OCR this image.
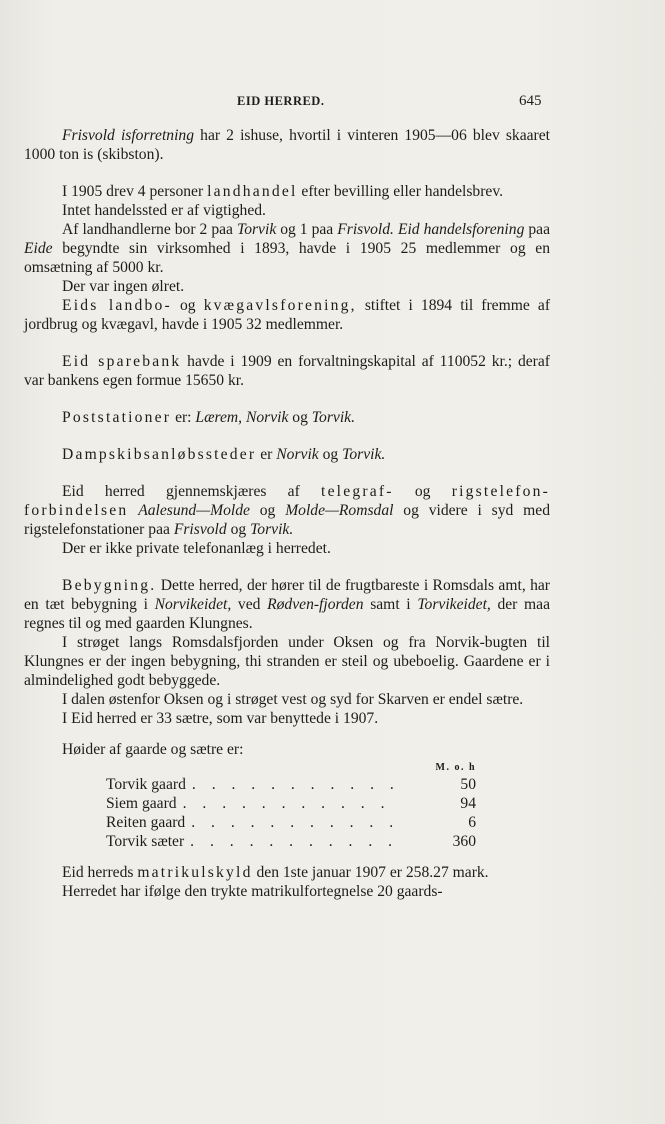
EID HERRED.	645

Frisvold isforretning har 2 ishuse, hvortil i vinteren 1905—06 blev skaaret 1000 ton is (skibston).

I 1905 drev 4 personer landhandel efter bevilling eller handelsbrev.

Intet handelssted er af vigtighed.

Af landhandlerne bor 2 paa Torvik og 1 paa Frisvold. Eid handelsforening paa Eide begyndte sin virksomhed i 1893, havde i 1905 25 medlemmer og en omsætning af 5000 kr.

Der var ingen ølret.

Eids landbo- og kvægavlsforening, stiftet i 1894 til fremme af jordbrug og kvægavl, havde i 1905 32 medlemmer.

Eid sparebank havde i 1909 en forvaltningskapital af 110052 kr.; deraf var bankens egen formue 15650 kr.

Poststationer er: Lærem, Norvik og Torvik.

Dampskibsanløbssteder er Norvik og Torvik.

Eid herred gjennemskjæres af telegraf- og rigstelefon-forbindelsen Aalesund—Molde og Molde—Romsdal og videre i syd med rigstelefonstationer paa Frisvold og Torvik.

Der er ikke private telefonanlæg i herredet.

Bebygning. Dette herred, der hører til de frugtbareste i Romsdals amt, har en tæt bebygning i Norvikeidet, ved Rødven-fjorden samt i Torvikeidet, der maa regnes til og med gaarden Klungnes.

I strøget langs Romsdalsfjorden under Oksen og fra Norvik-bugten til Klungnes er der ingen bebygning, thi stranden er steil og ubeboelig. Gaardene er i almindelighed godt bebyggede.

I dalen østenfor Oksen og i strøget vest og syd for Skarven er endel sætre.

I Eid herred er 33 sætre, som var benyttede i 1907.

Høider af gaarde og sætre er:

M. o. h
Torvik gaard . . . . . . . . . . .	50
Siem gaard . . . . . . . . . . .	94
Reiten gaard . . . . . . . . . . .	6
Torvik sæter . . . . . . . . . . .	360

Eid herreds matrikulskyld den 1ste januar 1907 er 258.27 mark.

Herredet har ifølge den trykte matrikulfortegnelse 20 gaards-
